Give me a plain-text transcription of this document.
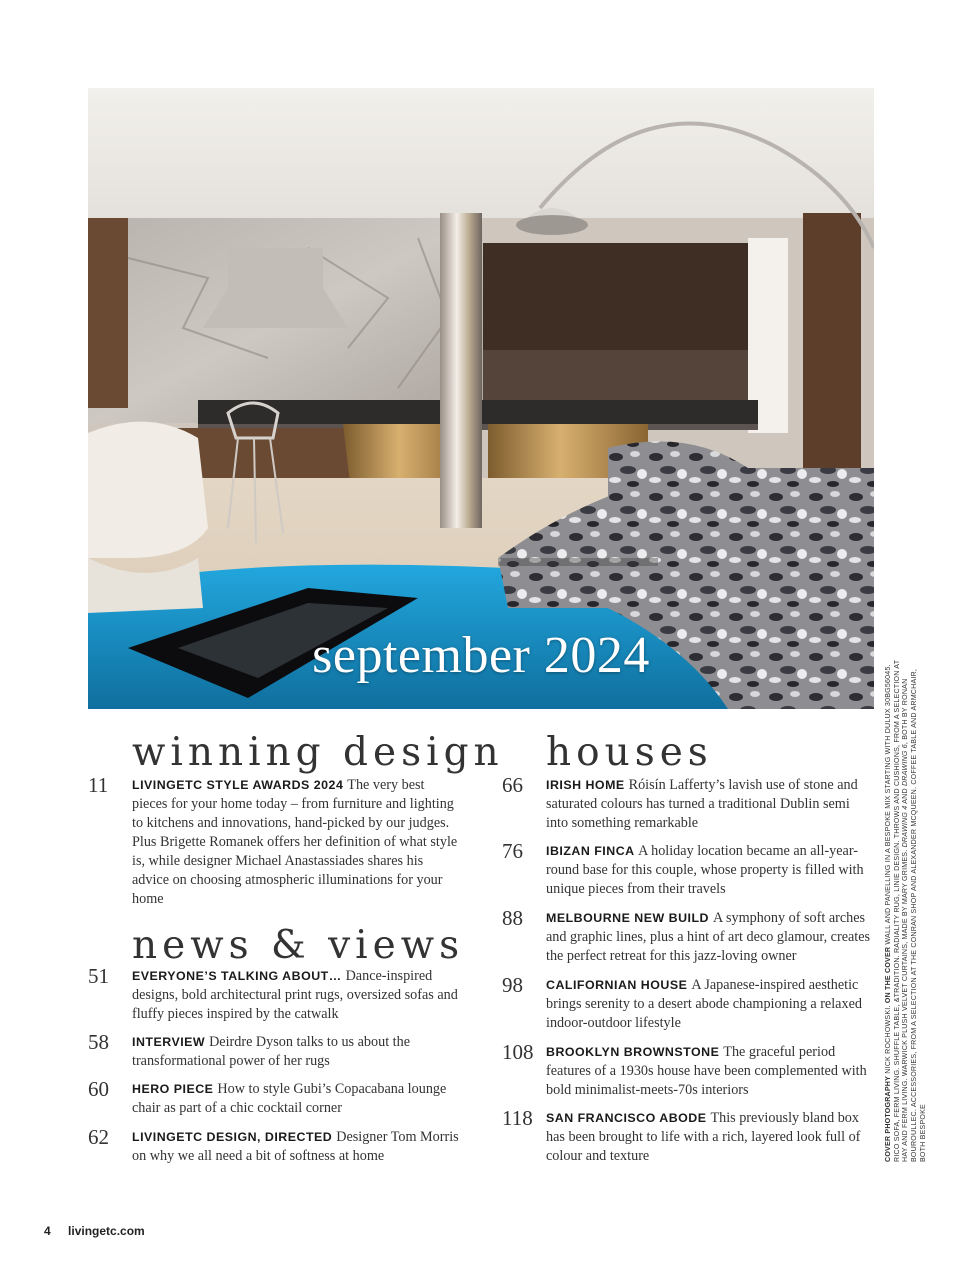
september 2024
winning design
11 LIVINGETC STYLE AWARDS 2024 The very best pieces for your home today – from furniture and lighting to kitchens and innovations, hand-picked by our judges. Plus Brigette Romanek offers her definition of what style is, while designer Michael Anastassiades shares his advice on choosing atmospheric illuminations for your home
news & views
51 EVERYONE’S TALKING ABOUT… Dance-inspired designs, bold architectural print rugs, oversized sofas and fluffy pieces inspired by the catwalk
58 INTERVIEW Deirdre Dyson talks to us about the transformational power of her rugs
60 HERO PIECE How to style Gubi’s Copacabana lounge chair as part of a chic cocktail corner
62 LIVINGETC DESIGN, DIRECTED Designer Tom Morris on why we all need a bit of softness at home
houses
66 IRISH HOME Róisín Lafferty’s lavish use of stone and saturated colours has turned a traditional Dublin semi into something remarkable
76 IBIZAN FINCA A holiday location became an all-year-round base for this couple, whose property is filled with unique pieces from their travels
88 MELBOURNE NEW BUILD A symphony of soft arches and graphic lines, plus a hint of art deco glamour, creates the perfect retreat for this jazz-loving owner
98 CALIFORNIAN HOUSE A Japanese-inspired aesthetic brings serenity to a desert abode championing a relaxed indoor-outdoor lifestyle
108 BROOKLYN BROWNSTONE The graceful period features of a 1930s house have been complemented with bold minimalist-meets-70s interiors
118 SAN FRANCISCO ABODE This previously bland box has been brought to life with a rich, layered look full of colour and texture	COVER PHOTOGRAPHY NICK ROCHOWSKI. ON THE COVER WALL AND PANELLING IN A BESPOKE MIX STARTING WITH DULUX 30BG56045. RICO SOFA, FERM LIVING. SHUFFLE TABLE, &TRADITION. RADIALITY RUG, LINIE DESIGN. THROWS AND CUSHIONS, FROM A SELECTION AT HAY AND FERM LIVING. WARWICK PLUSH VELVET CURTAINS, MADE BY MARY GRIMES. DRAWING 4 AND DRAWING 6, BOTH BY RONAN BOUROULLEC. ACCESSORIES, FROM A SELECTION AT THE CONRAN SHOP AND ALEXANDER MCQUEEN. COFFEE TABLE AND ARMCHAIR, BOTH BESPOKE
4 livingetc.com
